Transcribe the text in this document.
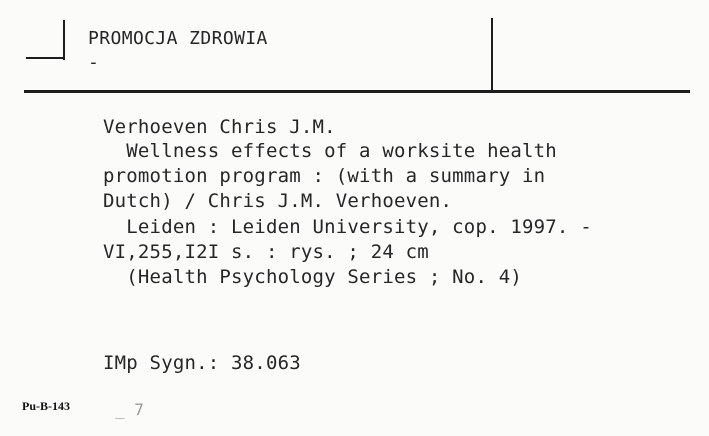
PROMOCJA ZDROWIA
-
Verhoeven Chris J.M.
Wellness effects of a worksite health
promotion program : (with a summary in
Dutch) / Chris J.M. Verhoeven.
Leiden : Leiden University, cop. 1997. -
VI,255,I2I s. : rys. ; 24 cm
(Health Psychology Series ; No. 4)
IMp Sygn.: 38.063
Pu-B-143	_ 7
